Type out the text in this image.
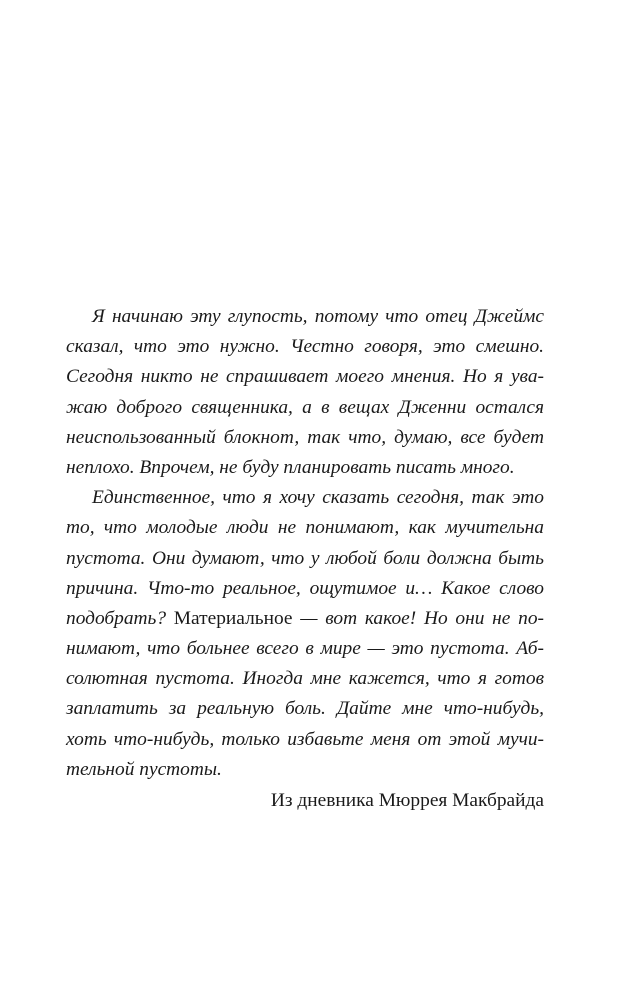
Я начинаю эту глупость, потому что отец Джеймс
сказал, что это нужно. Честно говоря, это смешно.
Сегодня никто не спрашивает моего мнения. Но я ува-
жаю доброго священника, а в вещах Дженни остался
неиспользованный блокнот, так что, думаю, все будет
неплохо. Впрочем, не буду планировать писать много.
Единственное, что я хочу сказать сегодня, так это
то, что молодые люди не понимают, как мучительна
пустота. Они думают, что у любой боли должна быть
причина. Что-то реальное, ощутимое и… Какое слово
подобрать? Материальное — вот какое! Но они не по-
нимают, что больнее всего в мире — это пустота. Аб-
солютная пустота. Иногда мне кажется, что я готов
заплатить за реальную боль. Дайте мне что-нибудь,
хоть что-нибудь, только избавьте меня от этой мучи-
тельной пустоты.
Из дневника Мюррея Макбрайда
